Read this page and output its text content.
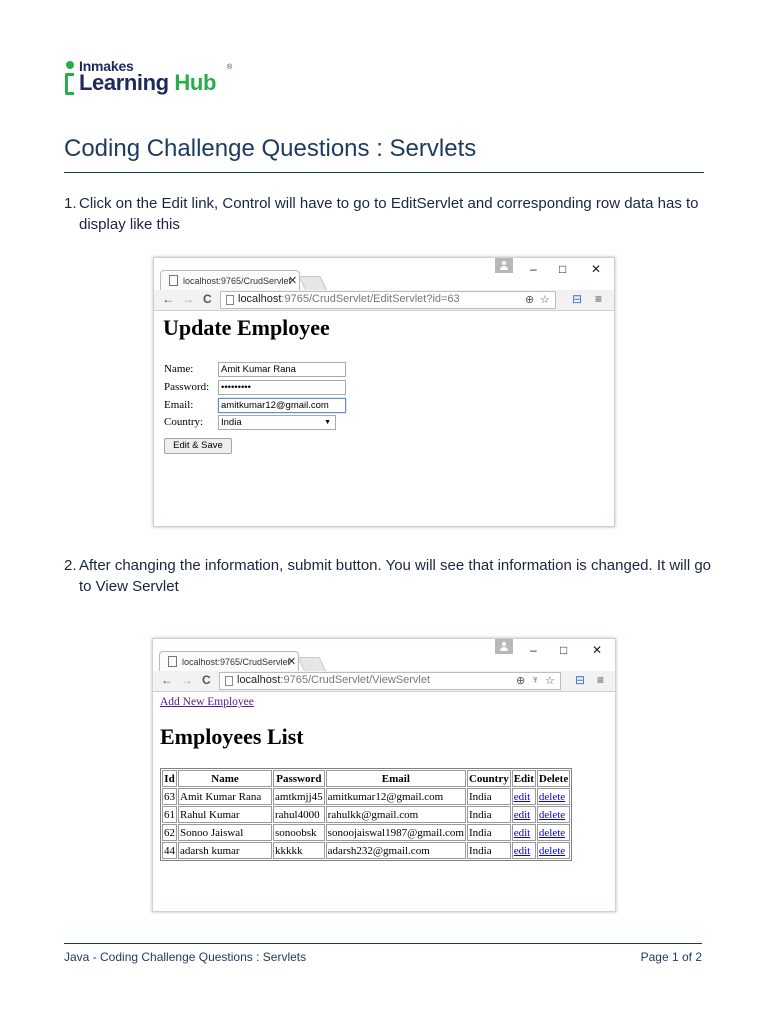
Inmakes
Learning Hub
®
Coding Challenge Questions : Servlets
1. Click on the Edit link, Control will have to go to EditServlet and corresponding row data has to display like this
localhost:9765/CrudServlet
✕
– □ ✕
← → C localhost:9765/CrudServlet/EditServlet?id=63	⊕ ☆ ⊟ ≡
Update Employee
Name:	Amit Kumar Rana
Password:	•••••••••
Email:	amitkumar12@gmail.com
Country:	India	▼
Edit & Save
2. After changing the information, submit button. You will see that information is changed. It will go to View Servlet
localhost:9765/CrudServlet
✕
– □ ✕
← → C localhost:9765/CrudServlet/ViewServlet	⊕ ♆ ☆ ⊟ ≡
Add New Employee
Employees List
Id	Name	Password	Email	Country	Edit	Delete
63	Amit Kumar Rana	amtkmjj45	amitkumar12@gmail.com	India	edit	delete
61	Rahul Kumar	rahul4000	rahulkk@gmail.com	India	edit	delete
62	Sonoo Jaiswal	sonoobsk	sonoojaiswal1987@gmail.com	India	edit	delete
44	adarsh kumar	kkkkk	adarsh232@gmail.com	India	edit	delete
Java - Coding Challenge Questions : Servlets	Page 1 of 2
